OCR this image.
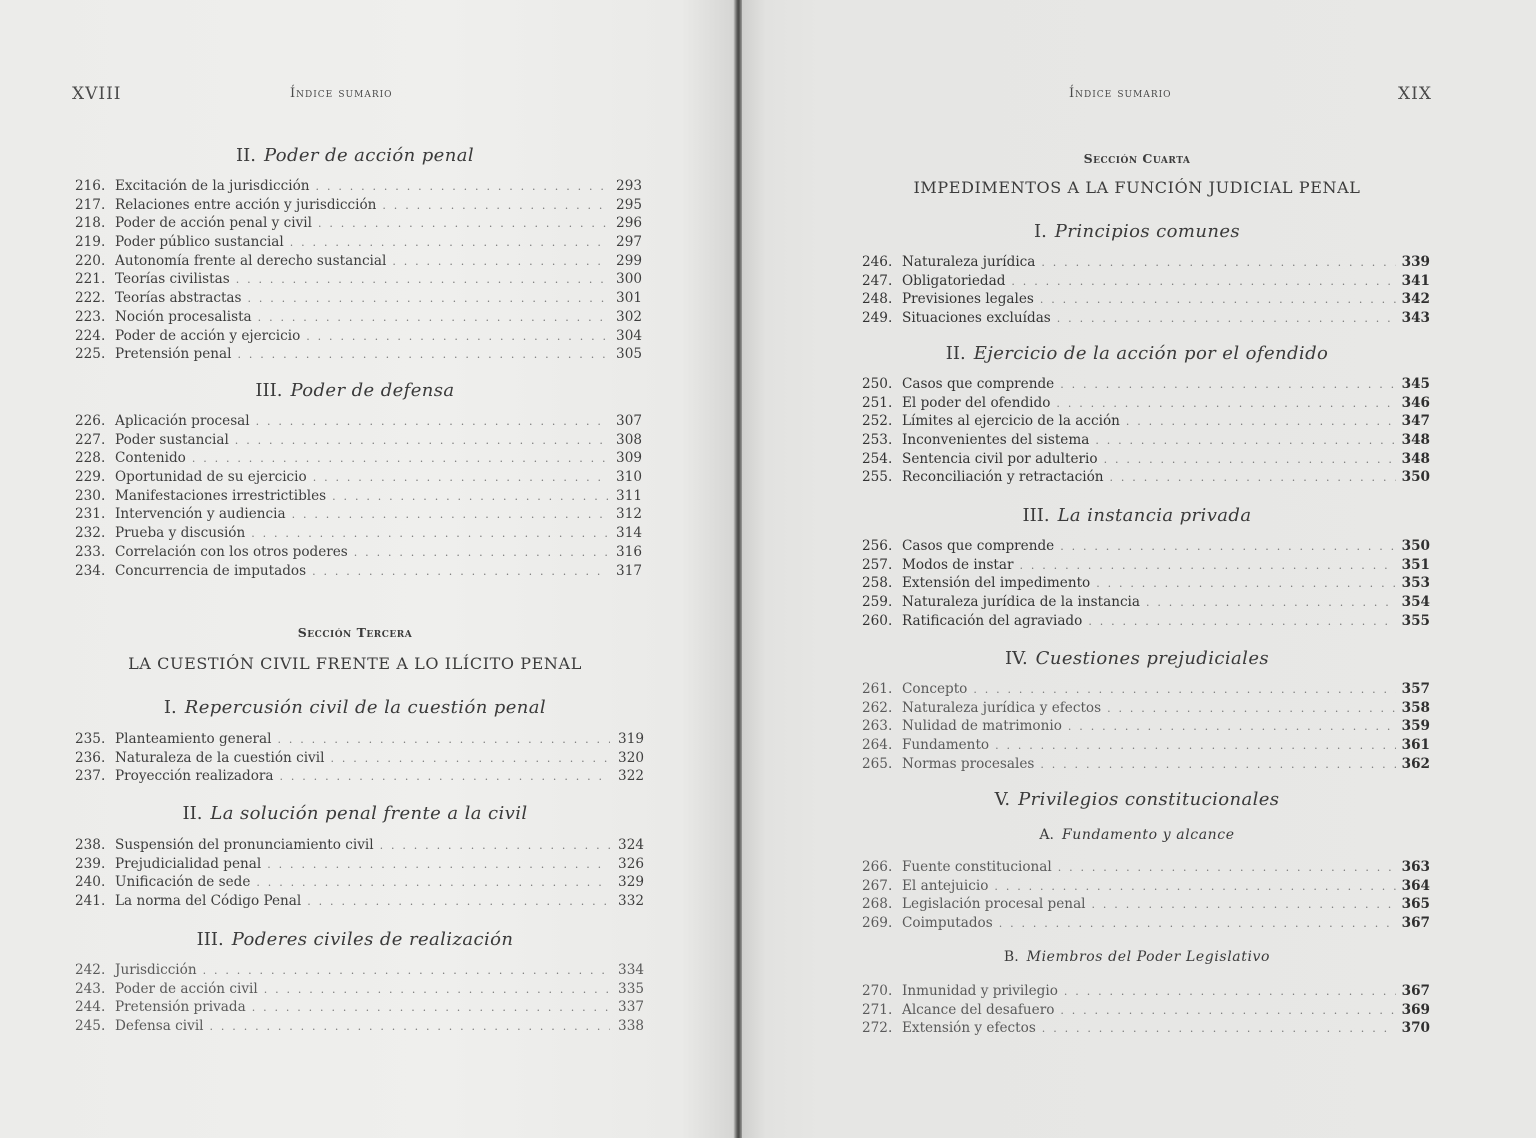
XVIII	Índice sumario
II. Poder de acción penal
216. Excitación de la jurisdicción . . .	293
217. Relaciones entre acción y jurisdicción . . .	295
218. Poder de acción penal y civil . . .	296
219. Poder público sustancial . . .	297
220. Autonomía frente al derecho sustancial . . .	299
221. Teorías civilistas . . .	300
222. Teorías abstractas . . .	301
223. Noción procesalista . . .	302
224. Poder de acción y ejercicio . . .	304
225. Pretensión penal . . .	305
III. Poder de defensa
226. Aplicación procesal . . .	307
227. Poder sustancial . . .	308
228. Contenido . . .	309
229. Oportunidad de su ejercicio . . .	310
230. Manifestaciones irrestrictibles . . .	311
231. Intervención y audiencia . . .	312
232. Prueba y discusión . . .	314
233. Correlación con los otros poderes . . .	316
234. Concurrencia de imputados . . .	317
Sección Tercera
LA CUESTIÓN CIVIL FRENTE A LO ILÍCITO PENAL
I. Repercusión civil de la cuestión penal
235. Planteamiento general . . .	319
236. Naturaleza de la cuestión civil . . .	320
237. Proyección realizadora . . .	322
II. La solución penal frente a la civil
238. Suspensión del pronunciamiento civil . . .	324
239. Prejudicialidad penal . . .	326
240. Unificación de sede . . .	329
241. La norma del Código Penal . . .	332
III. Poderes civiles de realización
242. Jurisdicción . . .	334
243. Poder de acción civil . . .	335
244. Pretensión privada . . .	337
245. Defensa civil . . .	338
Índice sumario	XIX
Sección Cuarta
IMPEDIMENTOS A LA FUNCIÓN JUDICIAL PENAL
I. Principios comunes
246. Naturaleza jurídica . . .	339
247. Obligatoriedad . . .	341
248. Previsiones legales . . .	342
249. Situaciones excluídas . . .	343
II. Ejercicio de la acción por el ofendido
250. Casos que comprende . . .	345
251. El poder del ofendido . . .	346
252. Límites al ejercicio de la acción . . .	347
253. Inconvenientes del sistema . . .	348
254. Sentencia civil por adulterio . . .	348
255. Reconciliación y retractación . . .	350
III. La instancia privada
256. Casos que comprende . . .	350
257. Modos de instar . . .	351
258. Extensión del impedimento . . .	353
259. Naturaleza jurídica de la instancia . . .	354
260. Ratificación del agraviado . . .	355
IV. Cuestiones prejudiciales
261. Concepto . . .	357
262. Naturaleza jurídica y efectos . . .	358
263. Nulidad de matrimonio . . .	359
264. Fundamento . . .	361
265. Normas procesales . . .	362
V. Privilegios constitucionales
A. Fundamento y alcance
266. Fuente constitucional . . .	363
267. El antejuicio . . .	364
268. Legislación procesal penal . . .	365
269. Coimputados . . .	367
B. Miembros del Poder Legislativo
270. Inmunidad y privilegio . . .	367
271. Alcance del desafuero . . .	369
272. Extensión y efectos . . .	370
